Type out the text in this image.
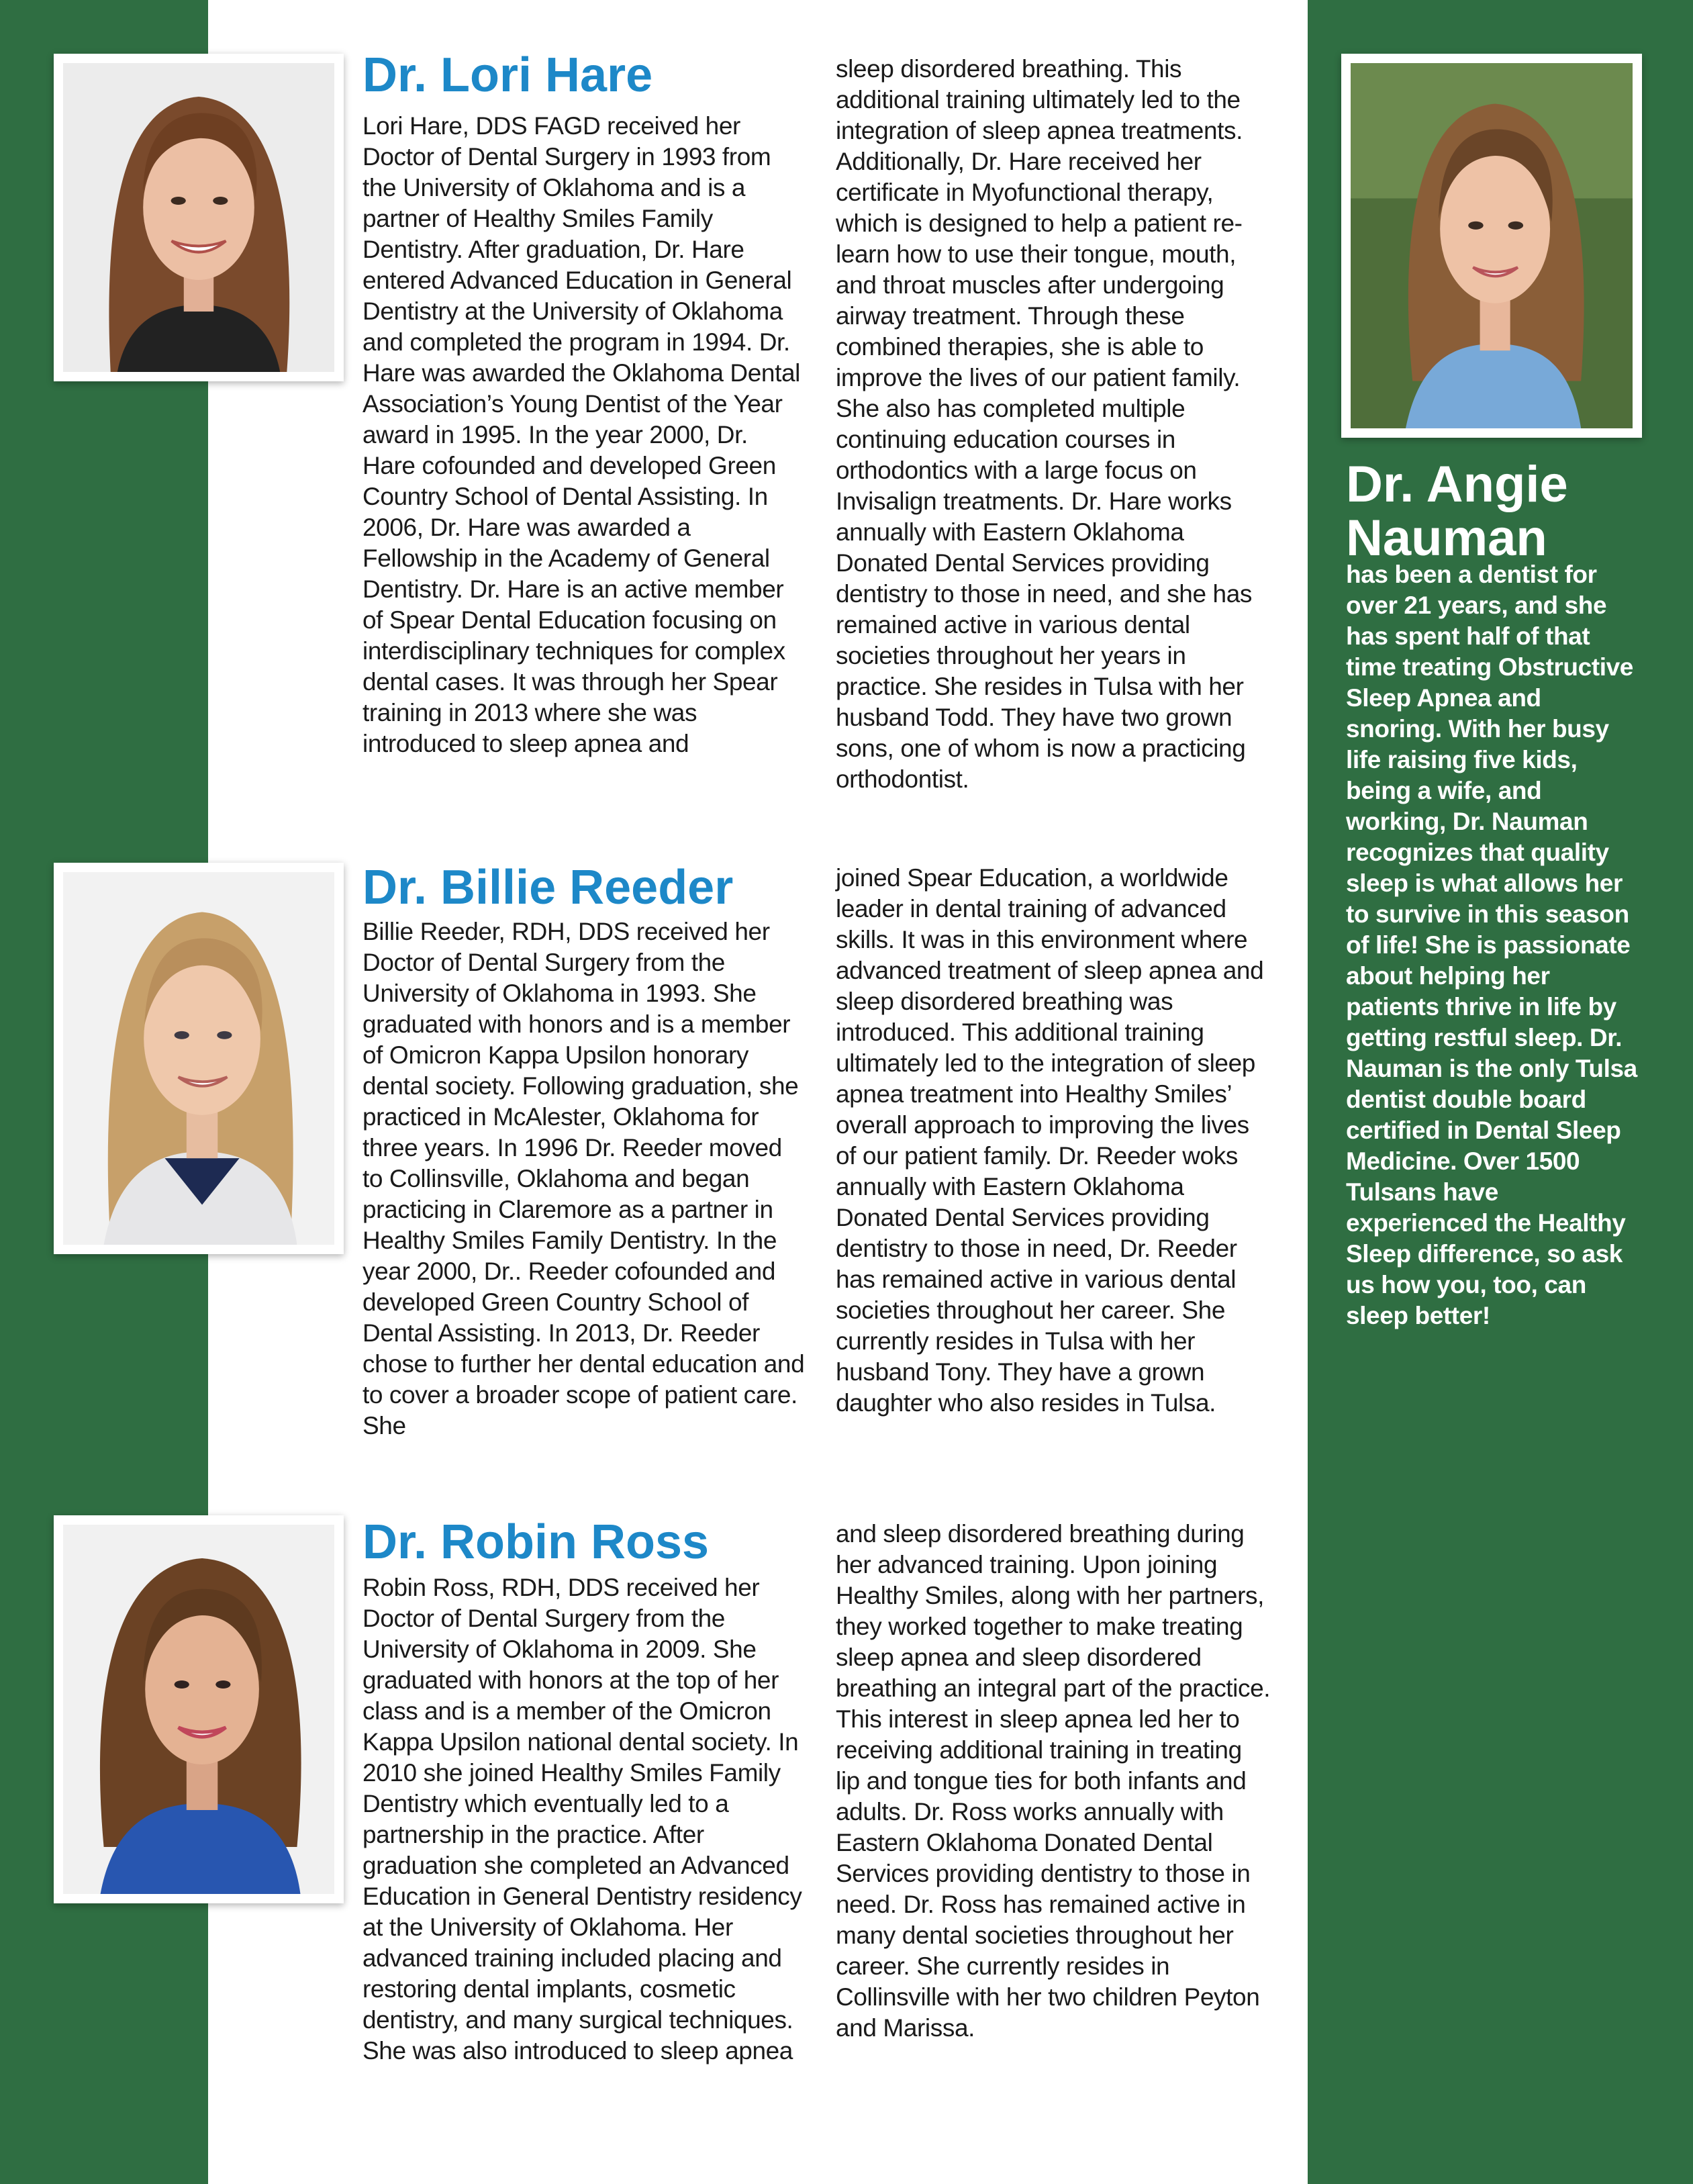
Dr. Lori Hare

Lori Hare, DDS FAGD received her Doctor of Dental Surgery in 1993 from the University of Oklahoma and is a partner of Healthy Smiles Family Dentistry. After graduation, Dr. Hare entered Advanced Education in General Dentistry at the University of Oklahoma and completed the program in 1994. Dr. Hare was awarded the Oklahoma Dental Association’s Young Dentist of the Year award in 1995. In the year 2000, Dr. Hare cofounded and developed Green Country School of Dental Assisting. In 2006, Dr. Hare was awarded a Fellowship in the Academy of General Dentistry. Dr. Hare is an active member of Spear Dental Education focusing on interdisciplinary techniques for complex dental cases. It was through her Spear training in 2013 where she was introduced to sleep apnea and

sleep disordered breathing. This additional training ultimately led to the integration of sleep apnea treatments. Additionally, Dr. Hare received her certificate in Myofunctional therapy, which is designed to help a patient re-learn how to use their tongue, mouth, and throat muscles after undergoing airway treatment. Through these combined therapies, she is able to improve the lives of our patient family. She also has completed multiple continuing education courses in orthodontics with a large focus on Invisalign treatments. Dr. Hare works annually with Eastern Oklahoma Donated Dental Services providing dentistry to those in need, and she has remained active in various dental societies throughout her years in practice. She resides in Tulsa with her husband Todd. They have two grown sons, one of whom is now a practicing orthodontist.

Dr. Billie Reeder

Billie Reeder, RDH, DDS received her Doctor of Dental Surgery from the University of Oklahoma in 1993. She graduated with honors and is a member of Omicron Kappa Upsilon honorary dental society. Following graduation, she practiced in McAlester, Oklahoma for three years. In 1996 Dr. Reeder moved to Collinsville, Oklahoma and began practicing in Claremore as a partner in Healthy Smiles Family Dentistry. In the year 2000, Dr.. Reeder cofounded and developed Green Country School of Dental Assisting. In 2013, Dr. Reeder chose to further her dental education and to cover a broader scope of patient care. She

joined Spear Education, a worldwide leader in dental training of advanced skills. It was in this environment where advanced treatment of sleep apnea and sleep disordered breathing was introduced. This additional training ultimately led to the integration of sleep apnea treatment into Healthy Smiles’ overall approach to improving the lives of our patient family. Dr. Reeder woks annually with Eastern Oklahoma Donated Dental Services providing dentistry to those in need, Dr. Reeder has remained active in various dental societies throughout her career. She currently resides in Tulsa with her husband Tony. They have a grown daughter who also resides in Tulsa.

Dr. Robin Ross

Robin Ross, RDH, DDS received her Doctor of Dental Surgery from the University of Oklahoma in 2009. She graduated with honors at the top of her class and is a member of the Omicron Kappa Upsilon national dental society. In 2010 she joined Healthy Smiles Family Dentistry which eventually led to a partnership in the practice. After graduation she completed an Advanced Education in General Dentistry residency at the University of Oklahoma. Her advanced training included placing and restoring dental implants, cosmetic dentistry, and many surgical techniques. She was also introduced to sleep apnea

and sleep disordered breathing during her advanced training. Upon joining Healthy Smiles, along with her partners, they worked together to make treating sleep apnea and sleep disordered breathing an integral part of the practice. This interest in sleep apnea led her to receiving additional training in treating lip and tongue ties for both infants and adults. Dr. Ross works annually with Eastern Oklahoma Donated Dental Services providing dentistry to those in need. Dr. Ross has remained active in many dental societies throughout her career. She currently resides in Collinsville with her two children Peyton and Marissa.

Dr. Angie Nauman

has been a dentist for over 21 years, and she has spent half of that time treating Obstructive Sleep Apnea and snoring. With her busy life raising five kids, being a wife, and working, Dr. Nauman recognizes that quality sleep is what allows her to survive in this season of life! She is passionate about helping her patients thrive in life by getting restful sleep. Dr. Nauman is the only Tulsa dentist double board certified in Dental Sleep Medicine. Over 1500 Tulsans have experienced the Healthy Sleep difference, so ask us how you, too, can sleep better!
